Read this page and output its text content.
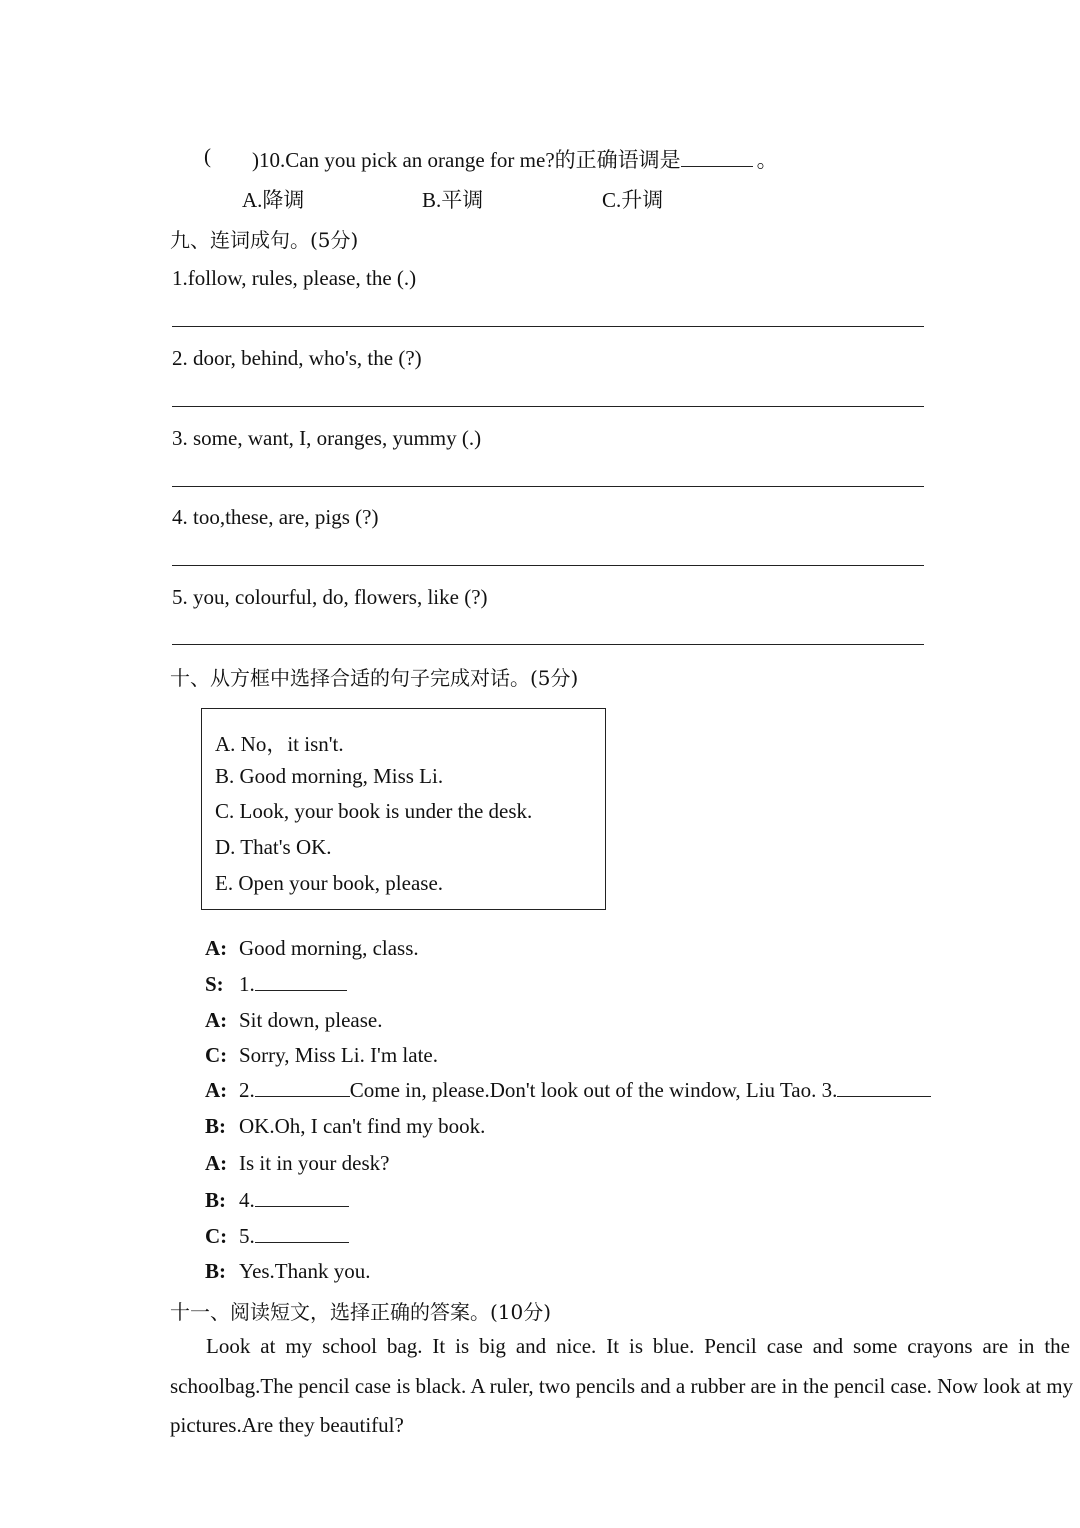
( )10.Can you pick an orange for me?的正确语调是	。
A.降调	B.平调	C.升调
九、连词成句。(5分)
1.follow, rules, please, the (.)
2. door, behind, who's, the (?)
3. some, want, I, oranges, yummy (.)
4. too,these, are, pigs (?)
5. you, colourful, do, flowers, like (?)
十、从方框中选择合适的句子完成对话。(5分)
A. No，it isn't.
B. Good morning, Miss Li.
C. Look, your book is under the desk.
D. That's OK.
E. Open your book, please.
A: Good morning, class.
S: 1.
A: Sit down, please.
C: Sorry, Miss Li. I'm late.
A: 2.	Come in, please.Don't look out of the window, Liu Tao. 3.
B: OK.Oh, I can't find my book.
A: Is it in your desk?
B: 4.
C: 5.
B: Yes.Thank you.
十一、阅读短文，选择正确的答案。(10分)
Look at my school bag. It is big and nice. It is blue. Pencil case and some crayons are in the
schoolbag.The pencil case is black. A ruler, two pencils and a rubber are in the pencil case. Now look at my
pictures.Are they beautiful?
